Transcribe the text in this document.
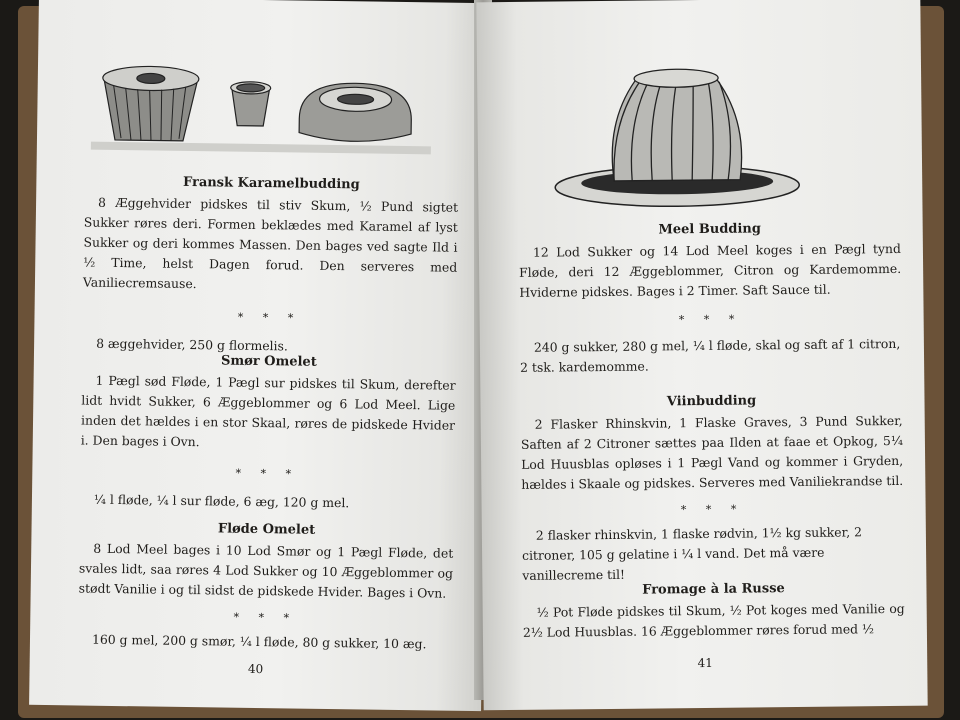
Fransk Karamelbudding

8 Æggehvider pidskes til stiv Skum, ½ Pund sigtet Sukker røres deri. Formen beklædes med Karamel af lyst Sukker og deri kommes Massen. Den bages ved sagte Ild i ½ Time, helst Dagen forud. Den serveres med Vaniliecremsause.

* * *

8 æggehvider, 250 g flormelis.

Smør Omelet

1 Pægl sød Fløde, 1 Pægl sur pidskes til Skum, derefter lidt hvidt Sukker, 6 Æggeblommer og 6 Lod Meel. Lige inden det hældes i en stor Skaal, røres de pidskede Hvider i. Den bages i Ovn.

* * *

¼ l fløde, ¼ l sur fløde, 6 æg, 120 g mel.

Fløde Omelet

8 Lod Meel bages i 10 Lod Smør og 1 Pægl Fløde, det svales lidt, saa røres 4 Lod Sukker og 10 Æggeblommer og stødt Vanilie i og til sidst de pidskede Hvider. Bages i Ovn.

* * *

160 g mel, 200 g smør, ¼ l fløde, 80 g sukker, 10 æg.

40

Meel Budding

12 Lod Sukker og 14 Lod Meel koges i en Pægl tynd Fløde, deri 12 Æggeblommer, Citron og Kardemomme. Hviderne pidskes. Bages i 2 Timer. Saft Sauce til.

* * *

240 g sukker, 280 g mel, ¼ l fløde, skal og saft af 1 citron, 2 tsk. kardemomme.

Viinbudding

2 Flasker Rhinskvin, 1 Flaske Graves, 3 Pund Sukker, Saften af 2 Citroner sættes paa Ilden at faae et Opkog, 5¼ Lod Huusblas opløses i 1 Pægl Vand og kommer i Gryden, hældes i Skaale og pidskes. Serveres med Vaniliekrandse til.

* * *

2 flasker rhinskvin, 1 flaske rødvin, 1½ kg sukker, 2 citroner, 105 g gelatine i ¼ l vand. Det må være vanillecreme til!

Fromage à la Russe

½ Pot Fløde pidskes til Skum, ½ Pot koges med Vanilie og 2½ Lod Huusblas. 16 Æggeblommer røres forud med ½

41
